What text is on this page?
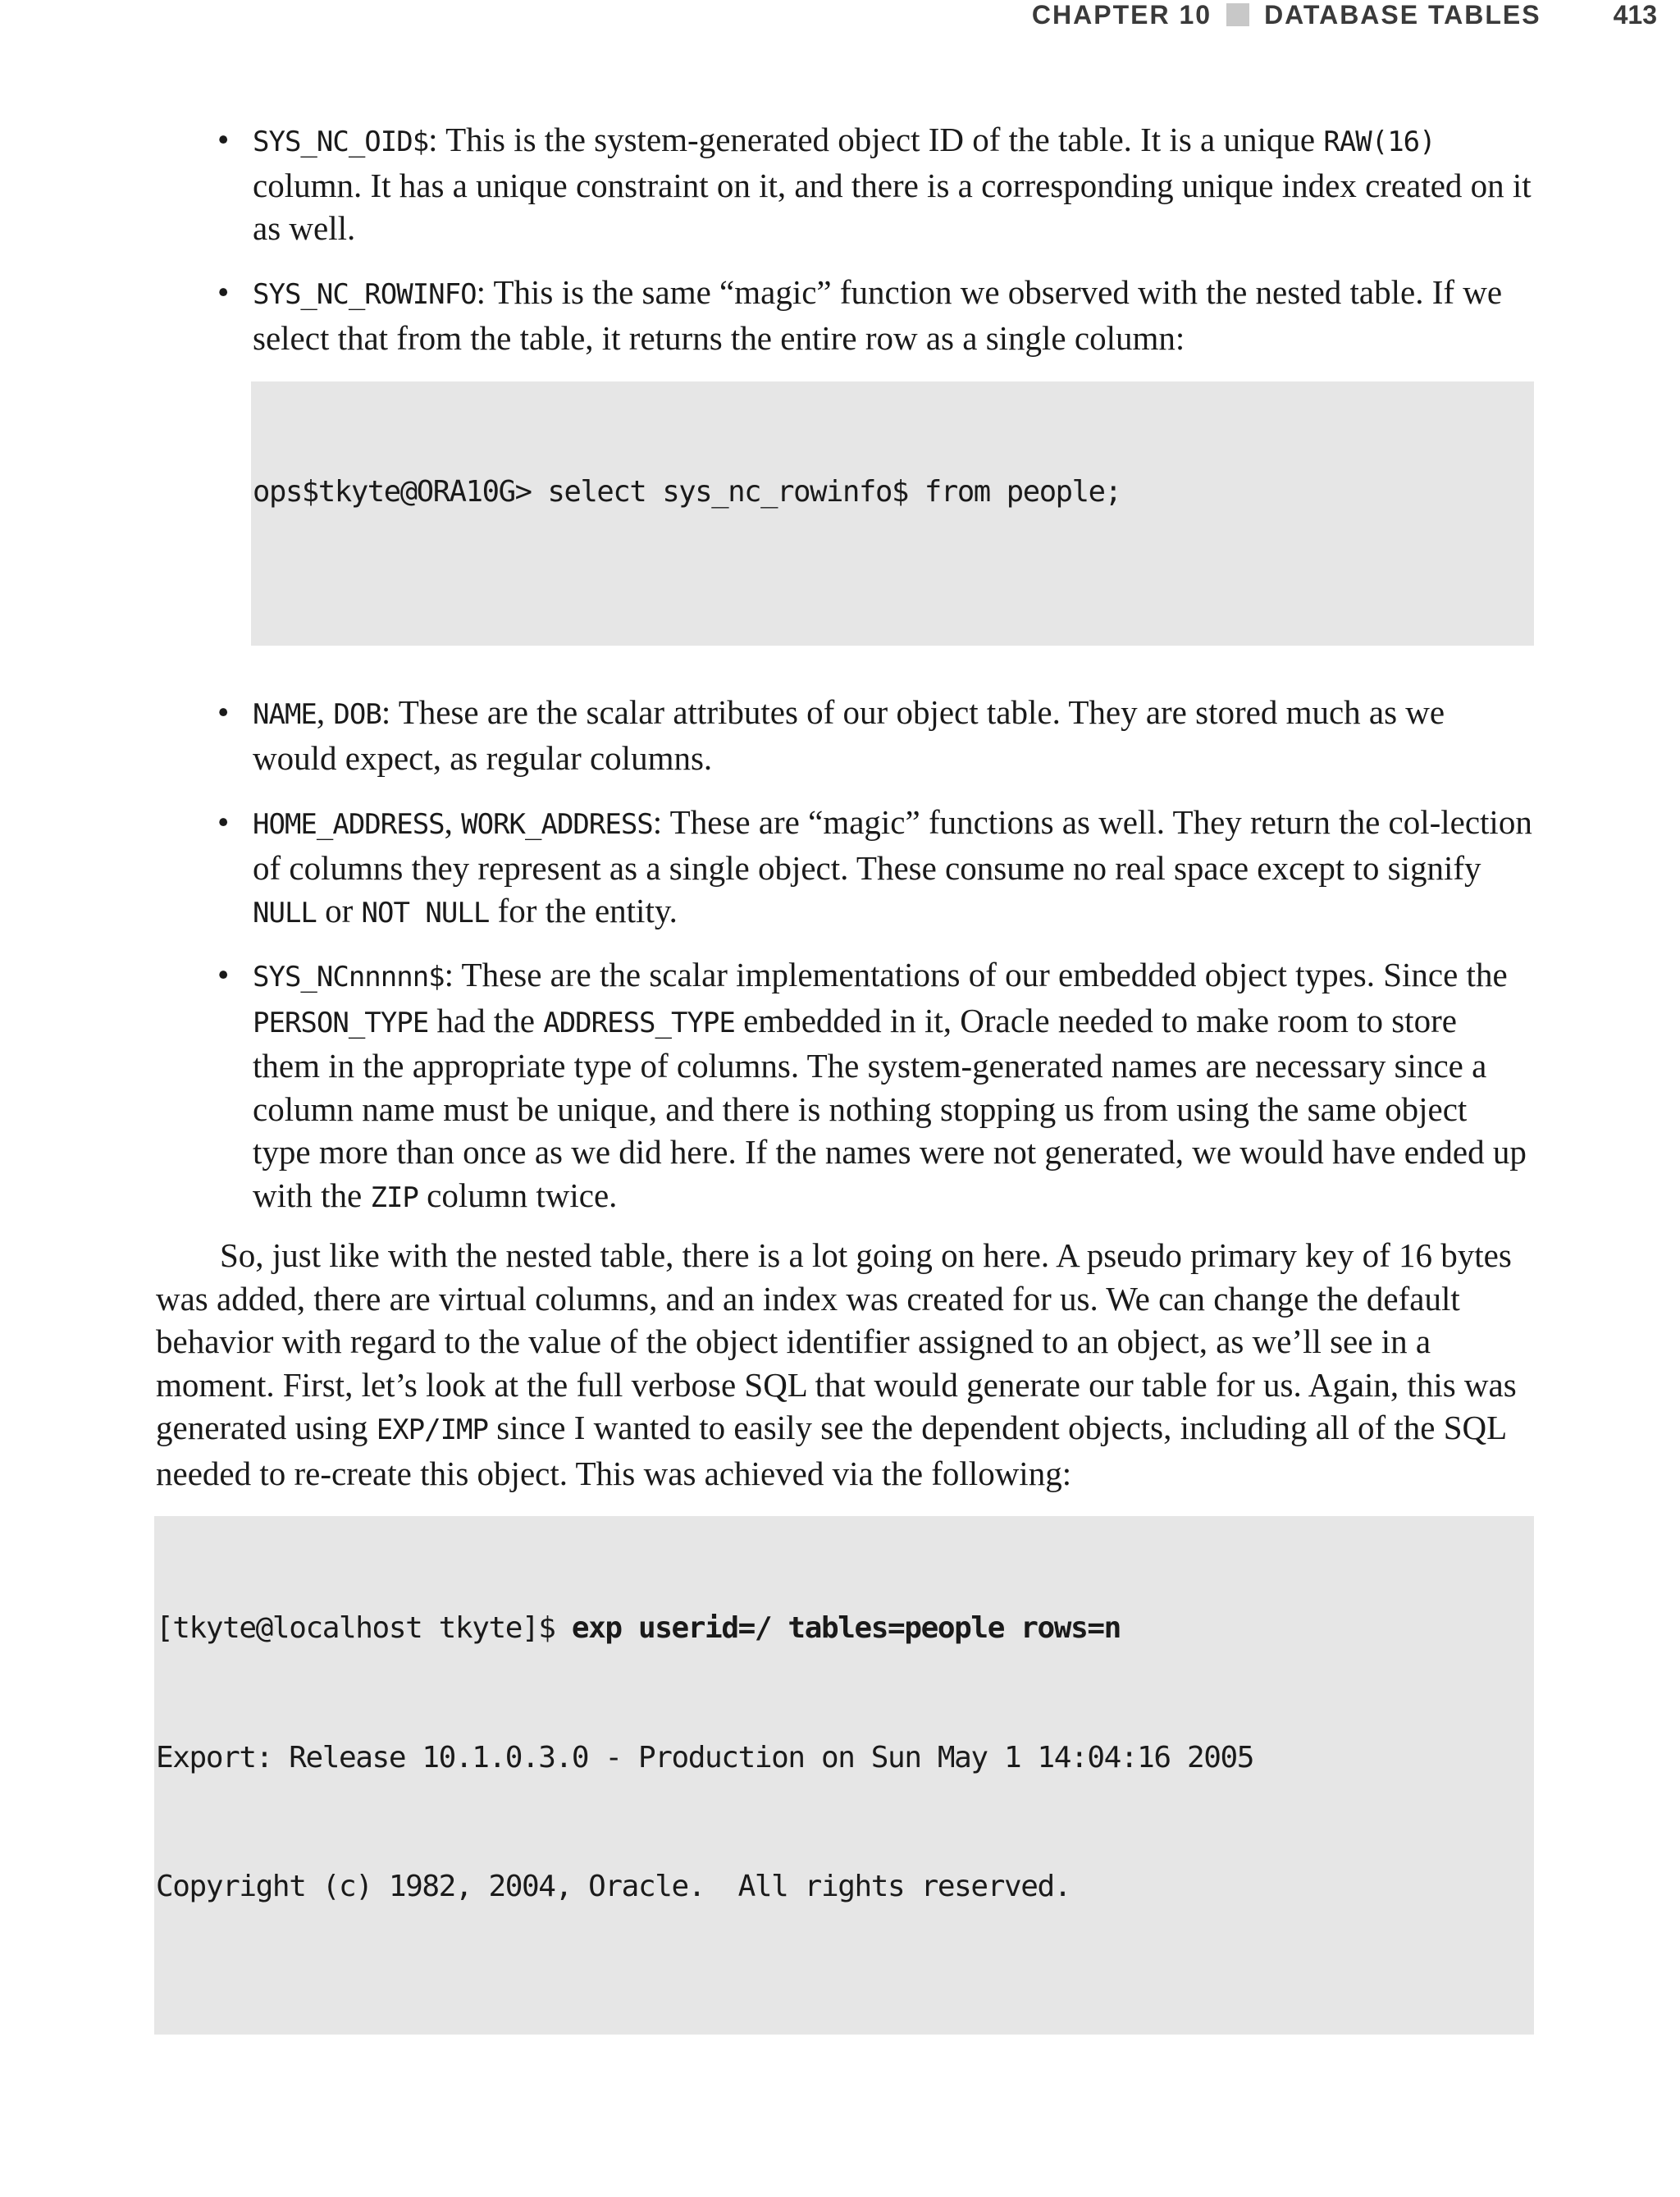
CHAPTER 10 DATABASE TABLES	413
• SYS_NC_OID$: This is the system-generated object ID of the table. It is a unique RAW(16) column. It has a unique constraint on it, and there is a corresponding unique index created on it as well.
• SYS_NC_ROWINFO: This is the same “magic” function we observed with the nested table. If we select that from the table, it returns the entire row as a single column:

ops$tkyte@ORA10G> select sys_nc_rowinfo$ from people;

• NAME, DOB: These are the scalar attributes of our object table. They are stored much as we would expect, as regular columns.
• HOME_ADDRESS, WORK_ADDRESS: These are “magic” functions as well. They return the col-lection of columns they represent as a single object. These consume no real space except to signify NULL or NOT NULL for the entity.
• SYS_NCnnnnn$: These are the scalar implementations of our embedded object types. Since the PERSON_TYPE had the ADDRESS_TYPE embedded in it, Oracle needed to make room to store them in the appropriate type of columns. The system-generated names are necessary since a column name must be unique, and there is nothing stopping us from using the same object type more than once as we did here. If the names were not generated, we would have ended up with the ZIP column twice.
So, just like with the nested table, there is a lot going on here. A pseudo primary key of 16 bytes was added, there are virtual columns, and an index was created for us. We can change the default behavior with regard to the value of the object identifier assigned to an object, as we’ll see in a moment. First, let’s look at the full verbose SQL that would generate our table for us. Again, this was generated using EXP/IMP since I wanted to easily see the dependent objects, including all of the SQL needed to re-create this object. This was achieved via the following:

[tkyte@localhost tkyte]$ exp userid=/ tables=people rows=n

Export: Release 10.1.0.3.0 - Production on Sun May 1 14:04:16 2005

Copyright (c) 1982, 2004, Oracle.  All rights reserved.
